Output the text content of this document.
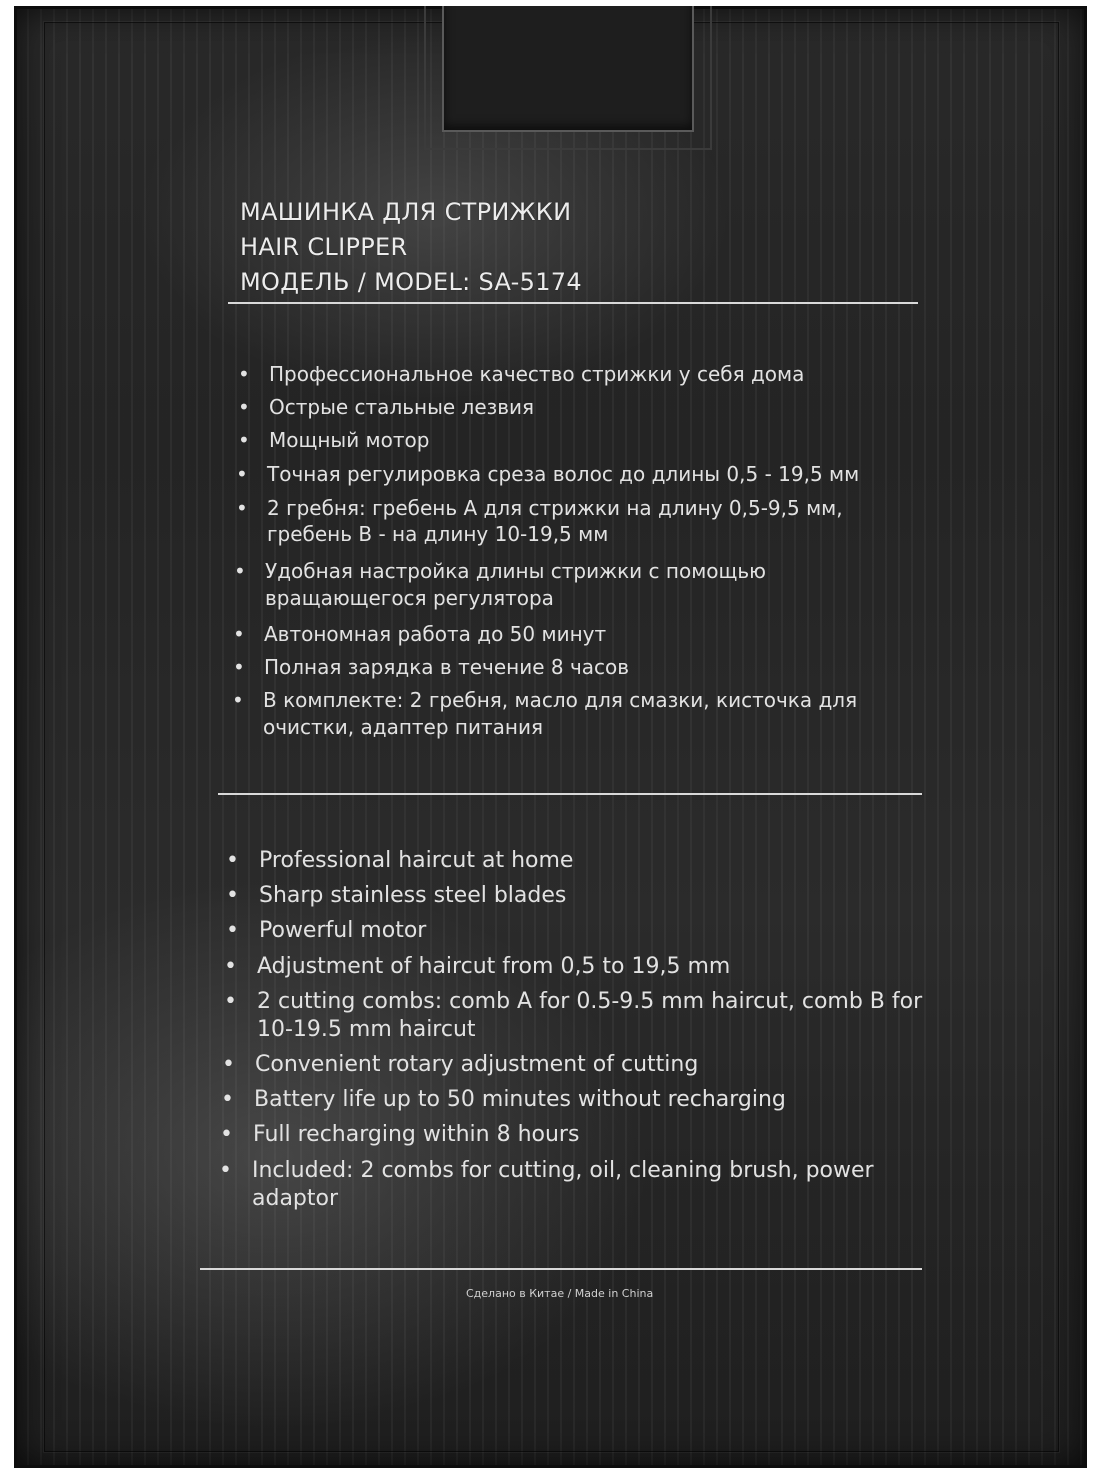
МАШИНКА ДЛЯ СТРИЖКИ
HAIR CLIPPER
МОДЕЛЬ / MODEL: SA-5174
• Профессиональное качество стрижки у себя дома
• Острые стальные лезвия
• Мощный мотор
• Точная регулировка среза волос до длины 0,5 - 19,5 мм
• 2 гребня: гребень A для стрижки на длину 0,5-9,5 мм,
гребень B - на длину 10-19,5 мм
• Удобная настройка длины стрижки с помощью
вращающегося регулятора
• Автономная работа до 50 минут
• Полная зарядка в течение 8 часов
• В комплекте: 2 гребня, масло для смазки, кисточка для
очистки, адаптер питания
• Professional haircut at home
• Sharp stainless steel blades
• Powerful motor
• Adjustment of haircut from 0,5 to 19,5 mm
• 2 cutting combs: comb A for 0.5-9.5 mm haircut, comb B for
10-19.5 mm haircut
• Convenient rotary adjustment of cutting
• Battery life up to 50 minutes without recharging
• Full recharging within 8 hours
• Included: 2 combs for cutting, oil, cleaning brush, power
adaptor
Сделано в Китае / Made in China
